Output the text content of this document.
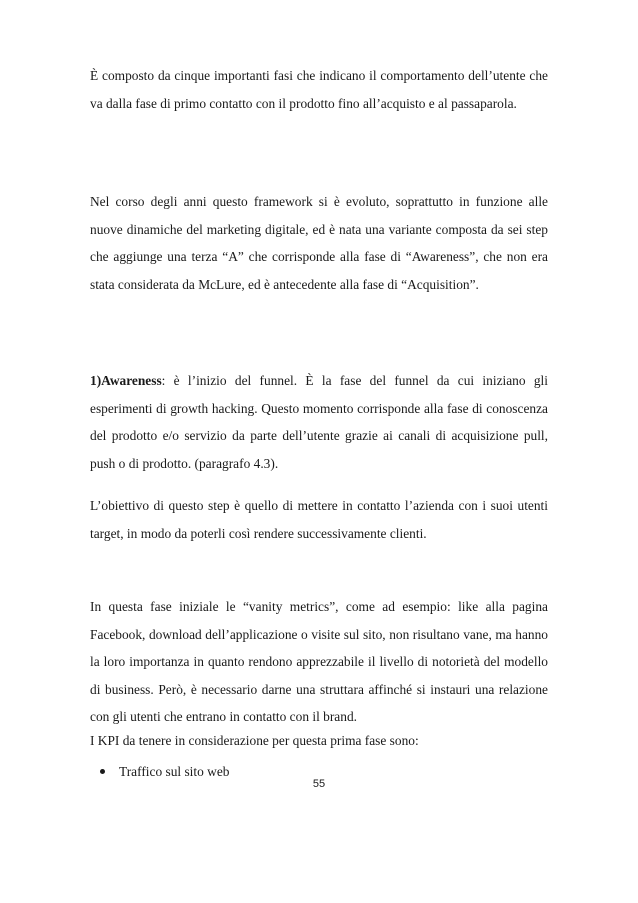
È composto da cinque importanti fasi che indicano il comportamento dell’utente che va dalla fase di primo contatto con il prodotto fino all’acquisto e al passaparola.

Nel corso degli anni questo framework si è evoluto, soprattutto in funzione alle nuove dinamiche del marketing digitale, ed è nata una variante composta da sei step che aggiunge una terza “A” che corrisponde alla fase di “Awareness”, che non era stata considerata da McLure, ed è antecedente alla fase di “Acquisition”.

1)Awareness: è l’inizio del funnel. È la fase del funnel da cui iniziano gli esperimenti di growth hacking. Questo momento corrisponde alla fase di conoscenza del prodotto e/o servizio da parte dell’utente grazie ai canali di acquisizione pull, push o di prodotto. (paragrafo 4.3).

L’obiettivo di questo step è quello di mettere in contatto l’azienda con i suoi utenti target, in modo da poterli così rendere successivamente clienti.

In questa fase iniziale le “vanity metrics”, come ad esempio: like alla pagina Facebook, download dell’applicazione o visite sul sito, non risultano vane, ma hanno la loro importanza in quanto rendono apprezzabile il livello di notorietà del modello di business. Però, è necessario darne una struttara affinché si instauri una relazione con gli utenti che entrano in contatto con il brand.

I KPI da tenere in considerazione per questa prima fase sono:

Traffico sul sito web
55
